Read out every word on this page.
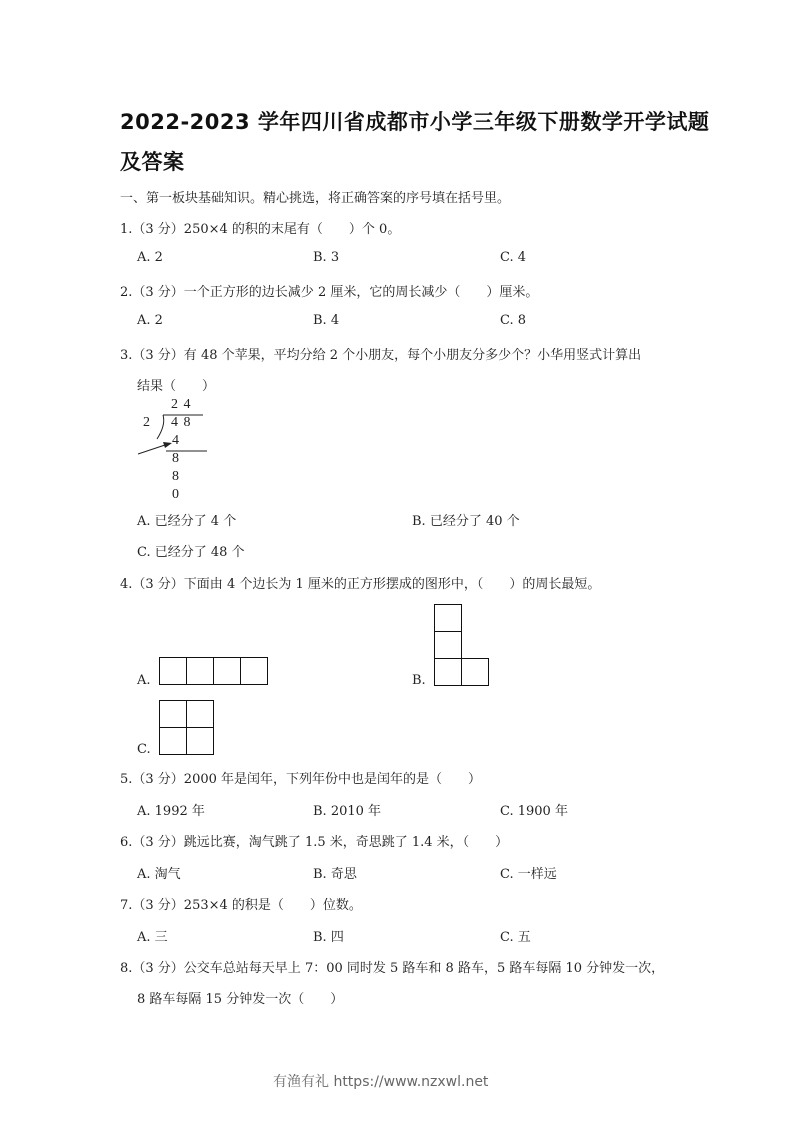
2022-2023 学年四川省成都市小学三年级下册数学开学试题
及答案
一、第一板块基础知识。精心挑选，将正确答案的序号填在括号里。
1.（3 分）250×4 的积的末尾有（　　）个 0。
A. 2	B. 3	C. 4
2.（3 分）一个正方形的边长减少 2 厘米，它的周长减少（　　）厘米。
A. 2	B. 4	C. 8
3.（3 分）有 48 个苹果，平均分给 2 个小朋友，每个小朋友分多少个？小华用竖式计算出
结果（　　）
2 4
2 4 8
4
8
8
0
A. 已经分了 4 个	B. 已经分了 40 个
C. 已经分了 48 个
4.（3 分）下面由 4 个边长为 1 厘米的正方形摆成的图形中，（　　）的周长最短。
A.	B.
C.
5.（3 分）2000 年是闰年，下列年份中也是闰年的是（　　）
A. 1992 年	B. 2010 年	C. 1900 年
6.（3 分）跳远比赛，淘气跳了 1.5 米，奇思跳了 1.4 米，（　　）
A. 淘气	B. 奇思	C. 一样远
7.（3 分）253×4 的积是（　　）位数。
A. 三	B. 四	C. 五
8.（3 分）公交车总站每天早上 7：00 同时发 5 路车和 8 路车，5 路车每隔 10 分钟发一次，
8 路车每隔 15 分钟发一次（　　）
有渔有礼 https://www.nzxwl.net
